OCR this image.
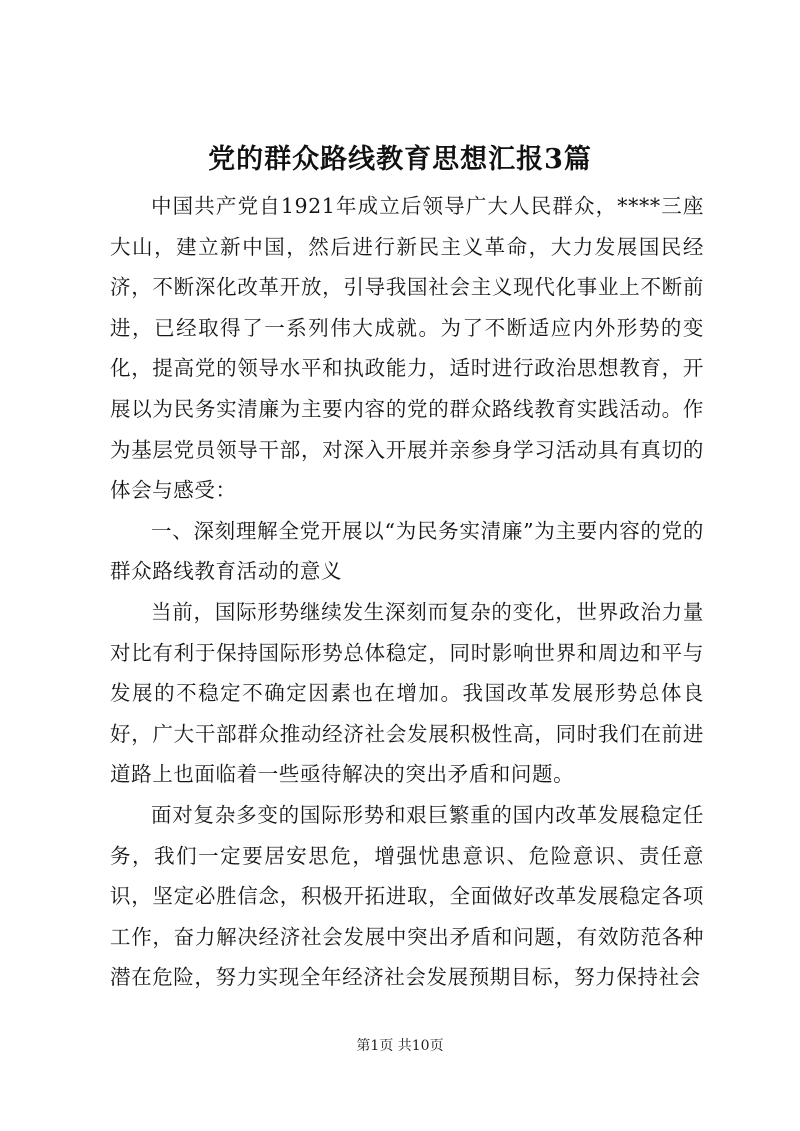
党的群众路线教育思想汇报3篇

中国共产党自1921年成立后领导广大人民群众，****三座大山，建立新中国，然后进行新民主义革命，大力发展国民经济，不断深化改革开放，引导我国社会主义现代化事业上不断前进，已经取得了一系列伟大成就。为了不断适应内外形势的变化，提高党的领导水平和执政能力，适时进行政治思想教育，开展以为民务实清廉为主要内容的党的群众路线教育实践活动。作为基层党员领导干部，对深入开展并亲参身学习活动具有真切的体会与感受：

一、深刻理解全党开展以“为民务实清廉”为主要内容的党的群众路线教育活动的意义

当前，国际形势继续发生深刻而复杂的变化，世界政治力量对比有利于保持国际形势总体稳定，同时影响世界和周边和平与发展的不稳定不确定因素也在增加。我国改革发展形势总体良好，广大干部群众推动经济社会发展积极性高，同时我们在前进道路上也面临着一些亟待解决的突出矛盾和问题。

面对复杂多变的国际形势和艰巨繁重的国内改革发展稳定任务，我们一定要居安思危，增强忧患意识、危险意识、责任意识，坚定必胜信念，积极开拓进取，全面做好改革发展稳定各项工作，奋力解决经济社会发展中突出矛盾和问题，有效防范各种潜在危险，努力实现全年经济社会发展预期目标，努力保持社会

第1页 共10页
